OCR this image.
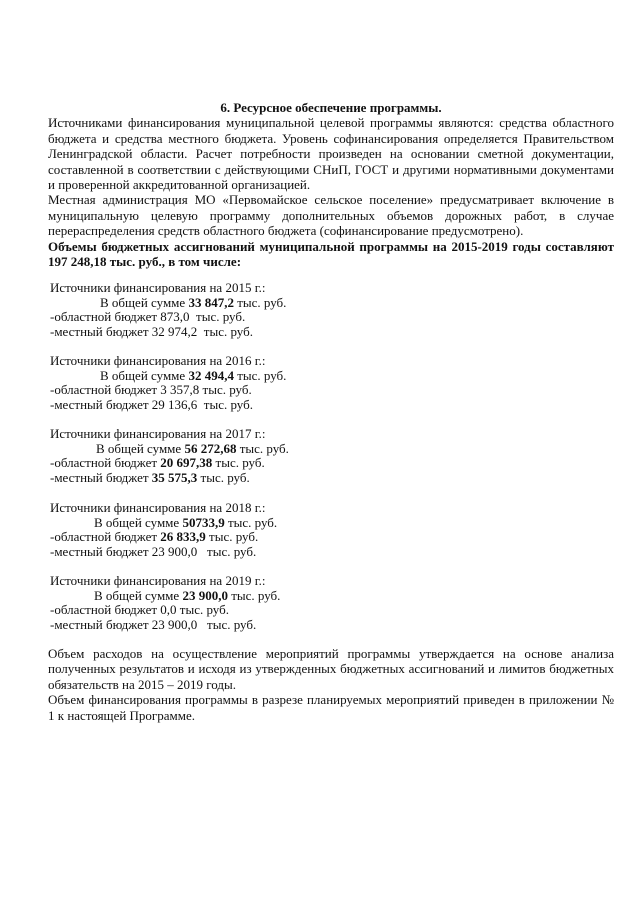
6. Ресурсное обеспечение программы.

Источниками финансирования муниципальной целевой программы являются: средства областного бюджета и средства местного бюджета. Уровень софинансирования определяется Правительством Ленинградской области. Расчет потребности произведен на основании сметной документации, составленной в соответствии с действующими СНиП, ГОСТ и другими нормативными документами и проверенной аккредитованной организацией.

Местная администрация МО «Первомайское сельское поселение» предусматривает включение в муниципальную целевую программу дополнительных объемов дорожных работ, в случае перераспределения средств областного бюджета (софинансирование предусмотрено).

Объемы бюджетных ассигнований муниципальной программы на 2015-2019 годы составляют 197 248,18 тыс. руб., в том числе:

Источники финансирования на 2015 г.:
В общей сумме 33 847,2 тыс. руб.
-областной бюджет 873,0  тыс. руб.
-местный бюджет 32 974,2  тыс. руб.
Источники финансирования на 2016 г.:
В общей сумме 32 494,4 тыс. руб.
-областной бюджет 3 357,8 тыс. руб.
-местный бюджет 29 136,6  тыс. руб.
Источники финансирования на 2017 г.:
В общей сумме 56 272,68 тыс. руб.
-областной бюджет 20 697,38 тыс. руб.
-местный бюджет 35 575,3 тыс. руб.
Источники финансирования на 2018 г.:
В общей сумме 50733,9 тыс. руб.
-областной бюджет 26 833,9 тыс. руб.
-местный бюджет 23 900,0   тыс. руб.
Источники финансирования на 2019 г.:
В общей сумме 23 900,0 тыс. руб.
-областной бюджет 0,0 тыс. руб.
-местный бюджет 23 900,0   тыс. руб.

Объем расходов на осуществление мероприятий программы утверждается на основе анализа полученных результатов и исходя из утвержденных бюджетных ассигнований и лимитов бюджетных обязательств на 2015 – 2019 годы.

Объем финансирования программы в разрезе планируемых мероприятий приведен в приложении № 1 к настоящей Программе.
